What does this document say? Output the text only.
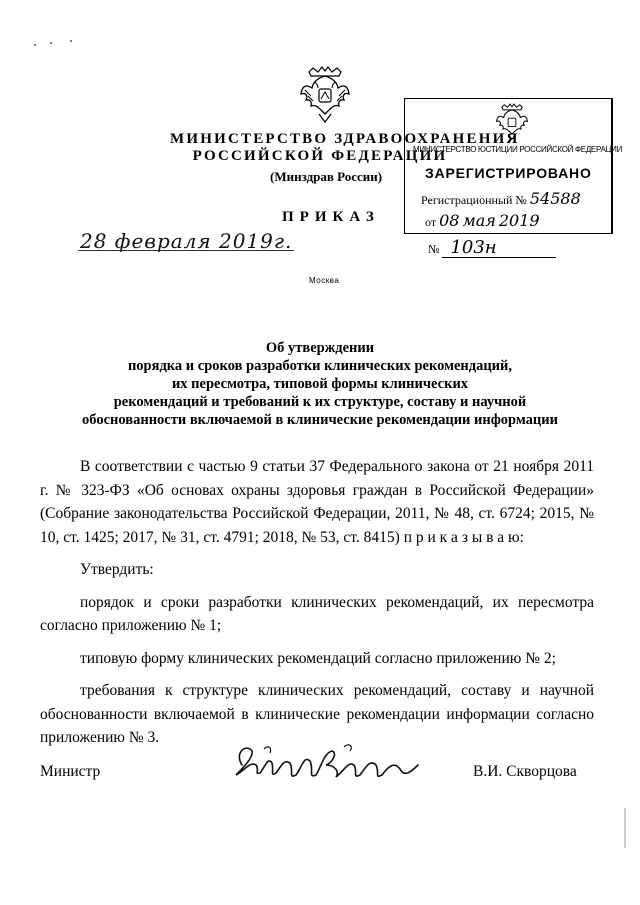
МИНИСТЕРСТВО ЗДРАВООХРАНЕНИЯ
РОССИЙСКОЙ ФЕДЕРАЦИИ
(Минздрав России)
МИНИСТЕРСТВО ЮСТИЦИИ РОССИЙСКОЙ ФЕДЕРАЦИИ
ЗАРЕГИСТРИРОВАНО
Регистрационный № 54588
от 08 мая 2019
ПРИКАЗ
28 февраля 2019г.	№ 103н
Москва
Об утверждении
порядка и сроков разработки клинических рекомендаций,
их пересмотра, типовой формы клинических
рекомендаций и требований к их структуре, составу и научной
обоснованности включаемой в клинические рекомендации информации

В соответствии с частью 9 статьи 37 Федерального закона от 21 ноября 2011 г. № 323-ФЗ «Об основах охраны здоровья граждан в Российской Федерации» (Собрание законодательства Российской Федерации, 2011, № 48, ст. 6724; 2015, № 10, ст. 1425; 2017, № 31, ст. 4791; 2018, № 53, ст. 8415) п р и к а з ы в а ю:

Утвердить:

порядок и сроки разработки клинических рекомендаций, их пересмотра согласно приложению № 1;

типовую форму клинических рекомендаций согласно приложению № 2;

требования к структуре клинических рекомендаций, составу и научной обоснованности включаемой в клинические рекомендации информации согласно приложению № 3.

Министр	В.И. Скворцова
